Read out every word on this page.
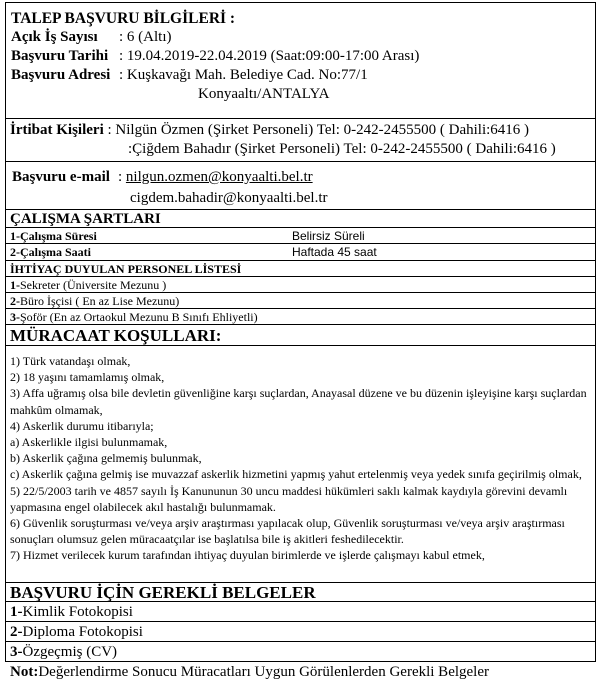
TALEP BAŞVURU BİLGİLERİ :
Açık İş Sayısı : 6 (Altı)
Başvuru Tarihi : 19.04.2019-22.04.2019 (Saat:09:00-17:00 Arası)
Başvuru Adresi : Kuşkavağı Mah. Belediye Cad. No:77/1
Konyaaltı/ANTALYA
İrtibat Kişileri : Nilgün Özmen (Şirket Personeli) Tel: 0-242-2455500 ( Dahili:6416 )
:Çiğdem Bahadır (Şirket Personeli) Tel: 0-242-2455500 ( Dahili:6416 )
Başvuru e-mail : nilgun.ozmen@konyaalti.bel.tr
cigdem.bahadir@konyaalti.bel.tr
ÇALIŞMA ŞARTLARI
1-Çalışma Süresi	Belirsiz Süreli
2-Çalışma Saati	Haftada 45 saat
İHTİYAÇ DUYULAN PERSONEL LİSTESİ
1-Sekreter (Üniversite Mezunu )
2-Büro İşçisi ( En az Lise Mezunu)
3-Şoför (En az Ortaokul Mezunu B Sınıfı Ehliyetli)
MÜRACAAT KOŞULLARI:
1) Türk vatandaşı olmak,
2) 18 yaşını tamamlamış olmak,
3) Affa uğramış olsa bile devletin güvenliğine karşı suçlardan, Anayasal düzene ve bu düzenin işleyişine karşı suçlardan mahkûm olmamak,
4) Askerlik durumu itibarıyla;
a) Askerlikle ilgisi bulunmamak,
b) Askerlik çağına gelmemiş bulunmak,
c) Askerlik çağına gelmiş ise muvazzaf askerlik hizmetini yapmış yahut ertelenmiş veya yedek sınıfa geçirilmiş olmak,
5) 22/5/2003 tarih ve 4857 sayılı İş Kanununun 30 uncu maddesi hükümleri saklı kalmak kaydıyla görevini devamlı yapmasına engel olabilecek akıl hastalığı bulunmamak.
6) Güvenlik soruşturması ve/veya arşiv araştırması yapılacak olup, Güvenlik soruşturması ve/veya arşiv araştırması sonuçları olumsuz gelen müracaatçılar ise başlatılsa bile iş akitleri feshedilecektir.
7) Hizmet verilecek kurum tarafından ihtiyaç duyulan birimlerde ve işlerde çalışmayı kabul etmek,
BAŞVURU İÇİN GEREKLİ BELGELER
1-Kimlik Fotokopisi
2-Diploma Fotokopisi
3-Özgeçmiş (CV)
Not:Değerlendirme Sonucu Müracatları Uygun Görülenlerden Gerekli Belgeler
